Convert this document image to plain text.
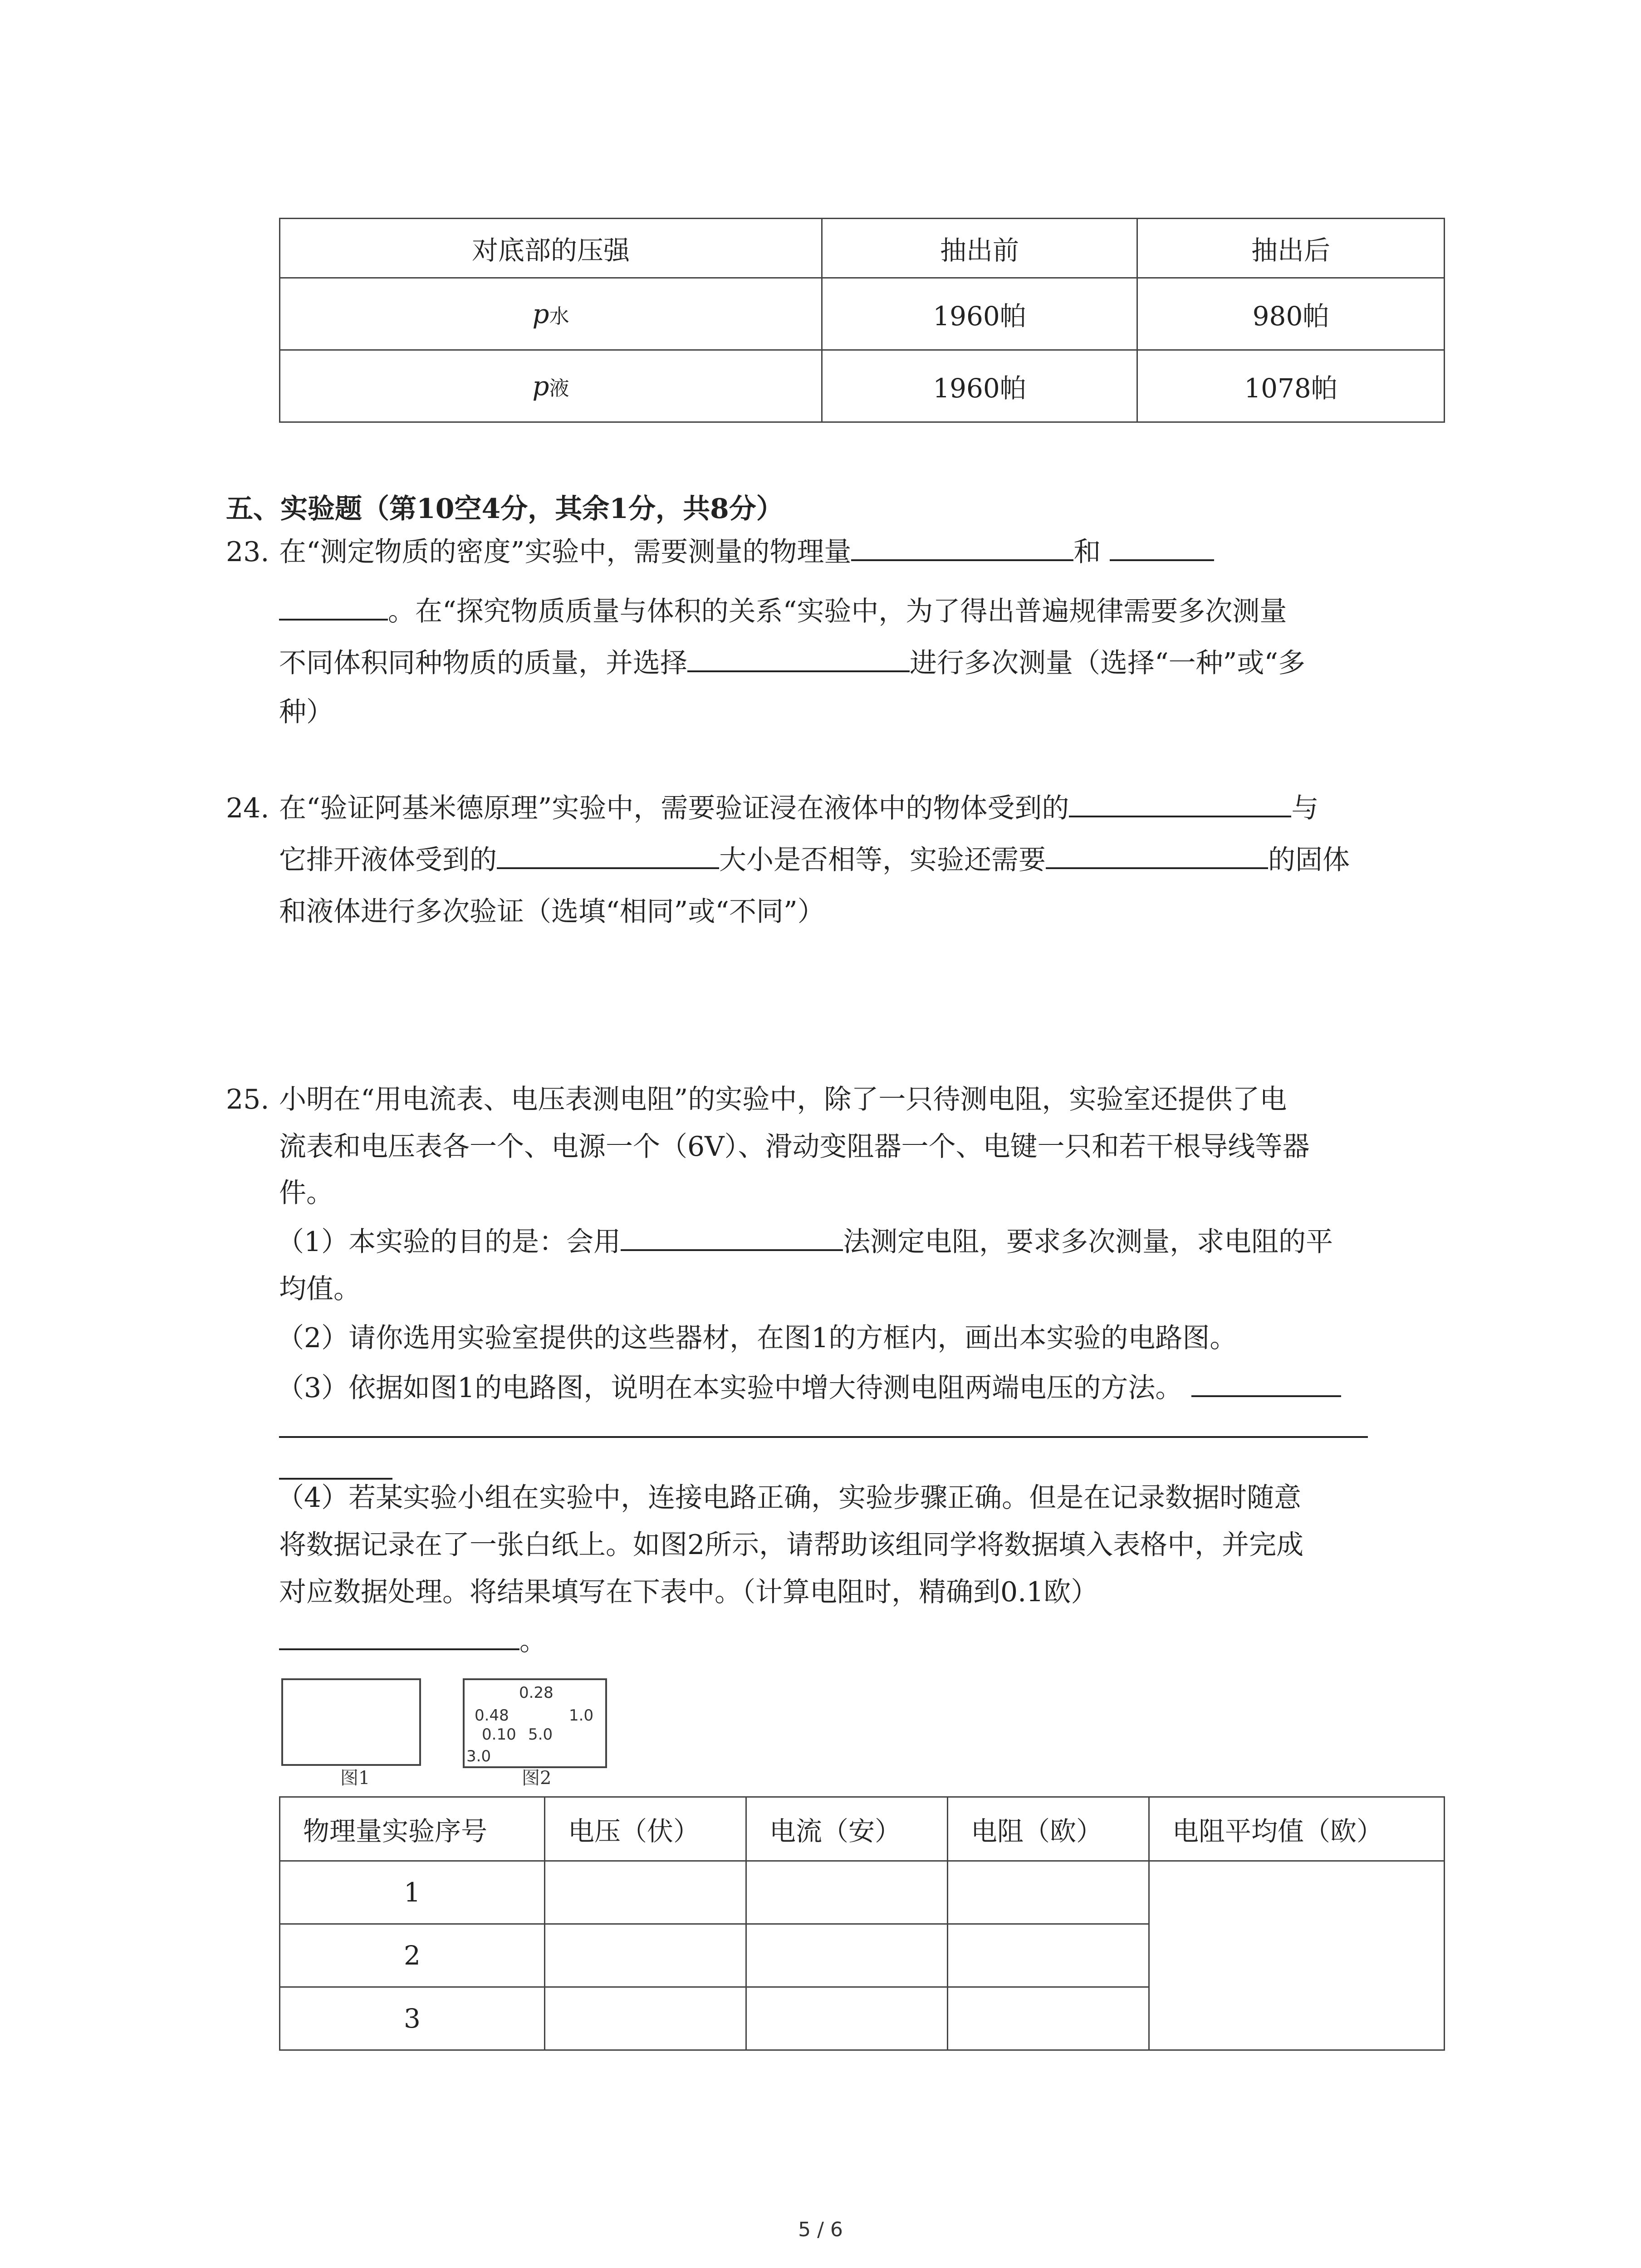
对底部的压强	抽出前	抽出后
p水	1960帕	980帕
p液	1960帕	1078帕
五、实验题（第10空4分，其余1分，共8分）
23. 在“测定物质的密度”实验中，需要测量的物理量	和
。在“探究物质质量与体积的关系“实验中，为了得出普遍规律需要多次测量
不同体积同种物质的质量，并选择	进行多次测量（选择“一种”或“多
种）
24. 在“验证阿基米德原理”实验中，需要验证浸在液体中的物体受到的	与
它排开液体受到的	大小是否相等，实验还需要	的固体
和液体进行多次验证（选填“相同”或“不同”）
25. 小明在“用电流表、电压表测电阻”的实验中，除了一只待测电阻，实验室还提供了电
流表和电压表各一个、电源一个（6V）、滑动变阻器一个、电键一只和若干根导线等器
件。
（1）本实验的目的是：会用	法测定电阻，要求多次测量，求电阻的平
均值。
（2）请你选用实验室提供的这些器材，在图1的方框内，画出本实验的电路图。
（3）依据如图1的电路图，说明在本实验中增大待测电阻两端电压的方法。
（4）若某实验小组在实验中，连接电路正确，实验步骤正确。但是在记录数据时随意
将数据记录在了一张白纸上。如图2所示，请帮助该组同学将数据填入表格中，并完成
对应数据处理。将结果填写在下表中。（计算电阻时，精确到0.1欧）
。
图1
0.28
0.48	1.0
0.10 5.0
3.0
图2
物理量实验序号	电压（伏）	电流（安）	电阻（欧）	电阻平均值（欧）
1				
2				
3				
5 / 6
